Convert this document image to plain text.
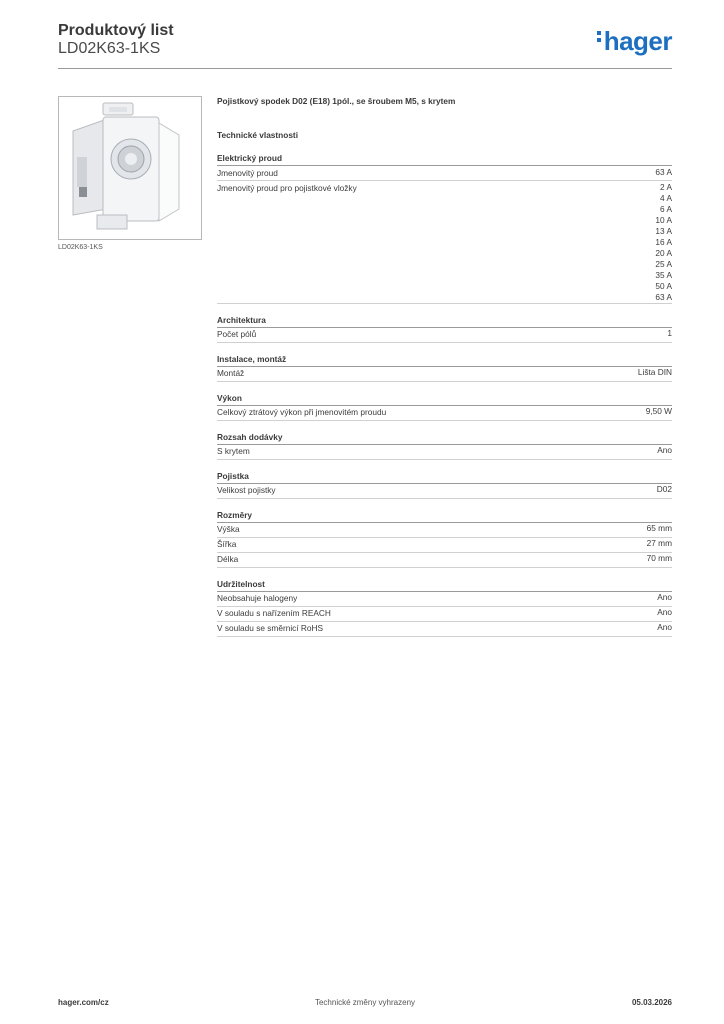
Produktový list
LD02K63-1KS	hager
LD02K63-1KS
Pojistkový spodek D02 (E18) 1pól., se šroubem M5, s krytem
Technické vlastnosti
Elektrický proud
Jmenovitý proud	63 A
Jmenovitý proud pro pojistkové vložky	2 A
4 A
6 A
10 A
13 A
16 A
20 A
25 A
35 A
50 A
63 A
Architektura
Počet pólů	1
Instalace, montáž
Montáž	Lišta DIN
Výkon
Celkový ztrátový výkon při jmenovitém proudu	9,50 W
Rozsah dodávky
S krytem	Ano
Pojistka
Velikost pojistky	D02
Rozměry
Výška	65 mm
Šířka	27 mm
Délka	70 mm
Udržitelnost
Neobsahuje halogeny	Ano
V souladu s nařízením REACH	Ano
V souladu se směrnicí RoHS	Ano
hager.com/cz	Technické změny vyhrazeny	05.03.2026
